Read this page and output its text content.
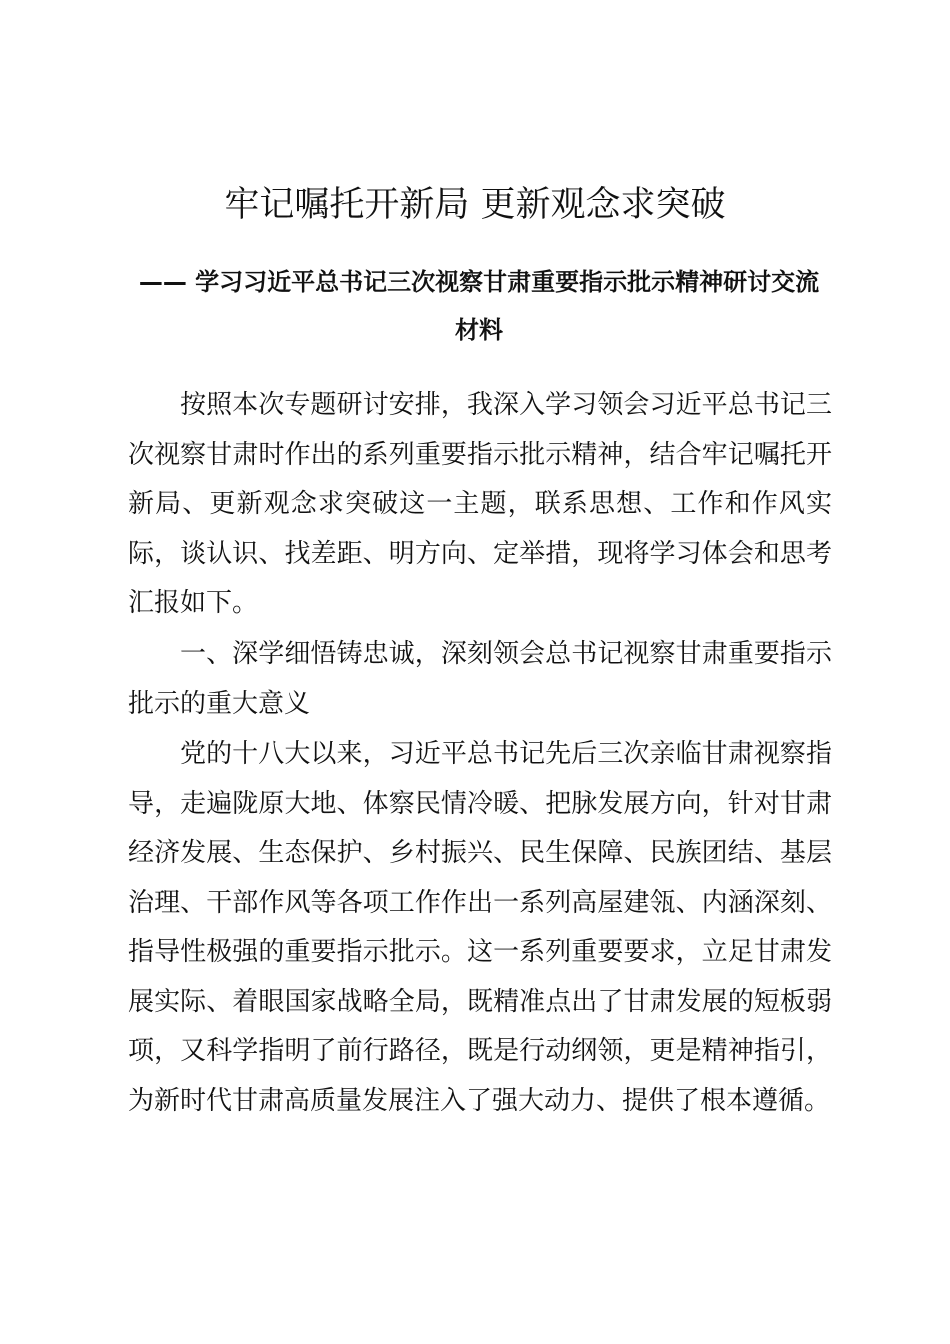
牢记嘱托开新局 更新观念求突破
—— 学习习近平总书记三次视察甘肃重要指示批示精神研讨交流材料

按照本次专题研讨安排，我深入学习领会习近平总书记三次视察甘肃时作出的系列重要指示批示精神，结合牢记嘱托开新局、更新观念求突破这一主题，联系思想、工作和作风实际，谈认识、找差距、明方向、定举措，现将学习体会和思考汇报如下。

一、深学细悟铸忠诚，深刻领会总书记视察甘肃重要指示批示的重大意义

党的十八大以来，习近平总书记先后三次亲临甘肃视察指导，走遍陇原大地、体察民情冷暖、把脉发展方向，针对甘肃经济发展、生态保护、乡村振兴、民生保障、民族团结、基层治理、干部作风等各项工作作出一系列高屋建瓴、内涵深刻、指导性极强的重要指示批示。这一系列重要要求，立足甘肃发展实际、着眼国家战略全局，既精准点出了甘肃发展的短板弱项，又科学指明了前行路径，既是行动纲领，更是精神指引，为新时代甘肃高质量发展注入了强大动力、提供了根本遵循。
